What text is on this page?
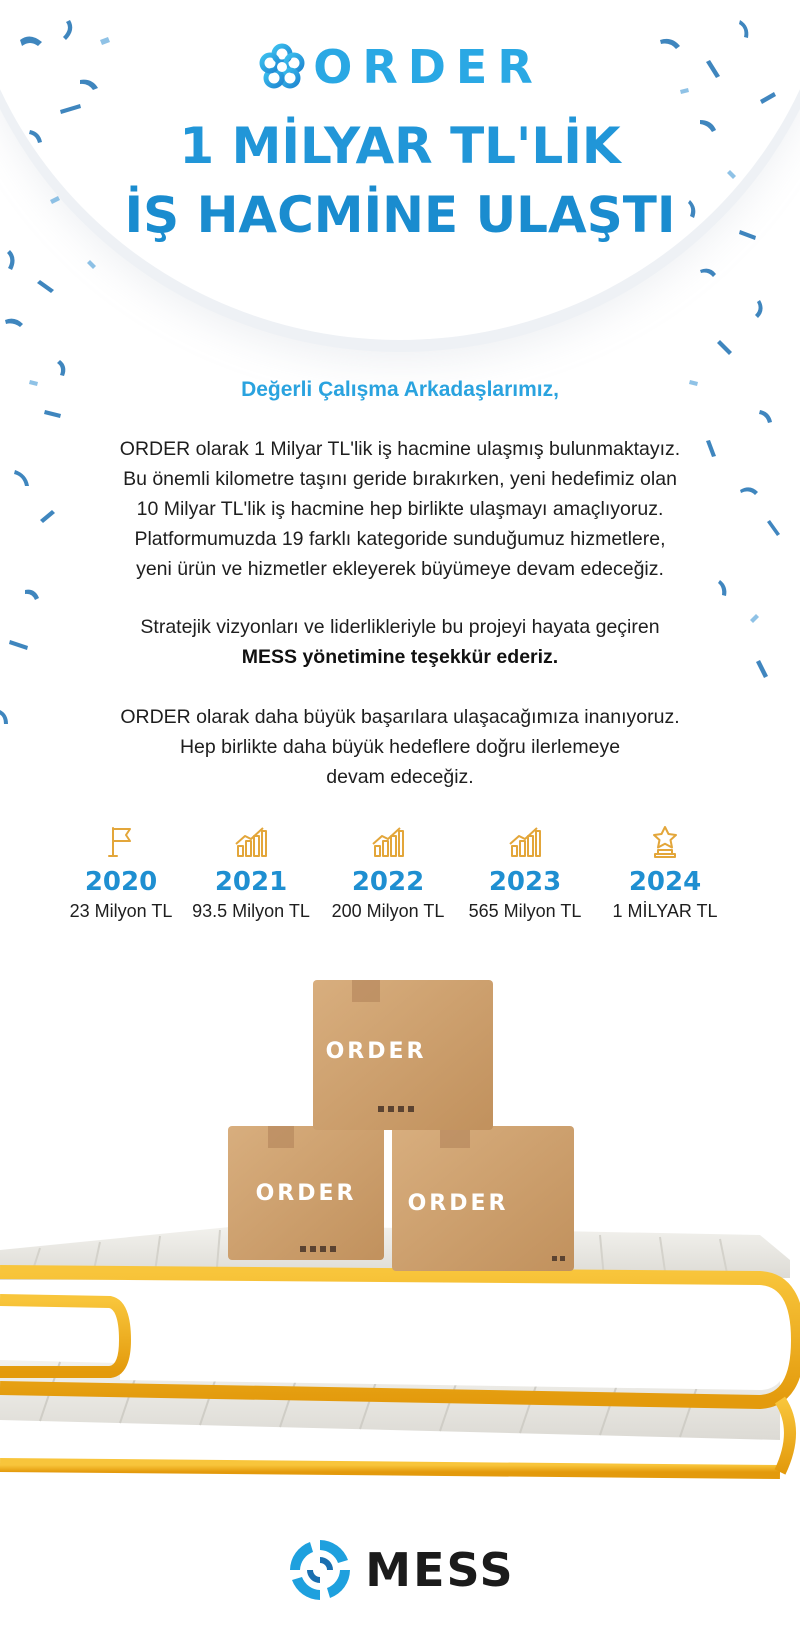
ORDER
1 MİLYAR TL'LİK
İŞ HACMİNE ULAŞTI
Değerli Çalışma Arkadaşlarımız,
ORDER olarak 1 Milyar TL'lik iş hacmine ulaşmış bulunmaktayız.
Bu önemli kilometre taşını geride bırakırken, yeni hedefimiz olan
10 Milyar TL'lik iş hacmine hep birlikte ulaşmayı amaçlıyoruz.
Platformumuzda 19 farklı kategoride sunduğumuz hizmetlere,
yeni ürün ve hizmetler ekleyerek büyümeye devam edeceğiz.
Stratejik vizyonları ve liderlikleriyle bu projeyi hayata geçiren
MESS yönetimine teşekkür ederiz.
ORDER olarak daha büyük başarılara ulaşacağımıza inanıyoruz.
Hep birlikte daha büyük hedeflere doğru ilerlemeye
devam edeceğiz.
2020
23 Milyon TL
2021
93.5 Milyon TL
2022
200 Milyon TL
2023
565 Milyon TL
2024
1 MİLYAR TL
ORDER ORDER
ORDER
MESS
